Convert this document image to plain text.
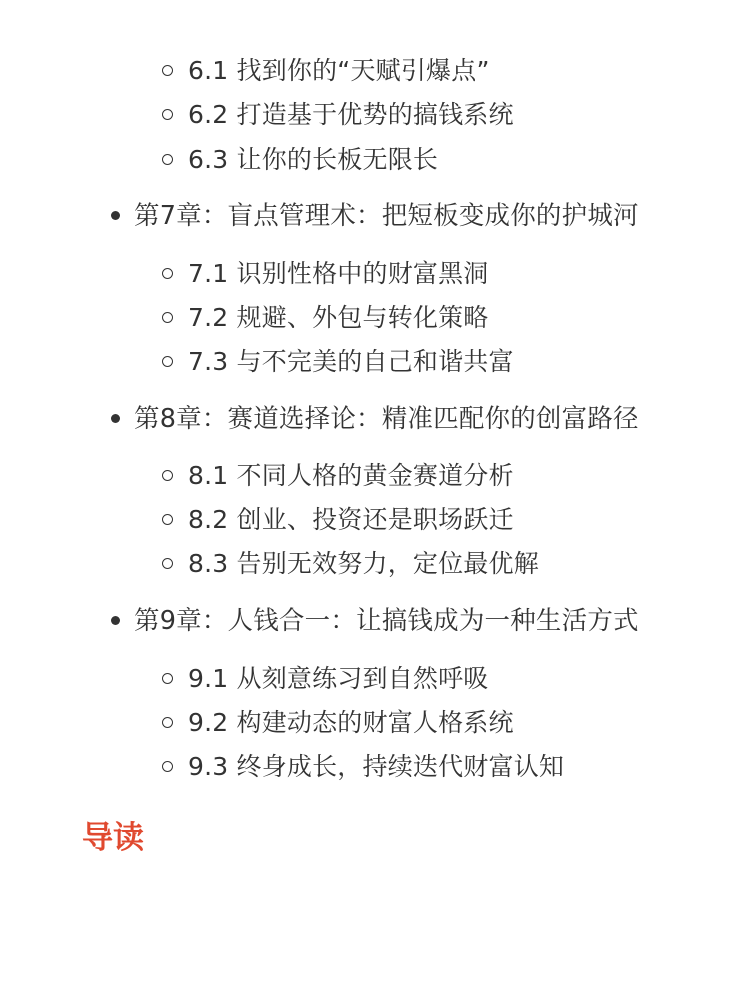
6.1 找到你的“天赋引爆点”
6.2 打造基于优势的搞钱系统
6.3 让你的长板无限长
第7章：盲点管理术：把短板变成你的护城河
7.1 识别性格中的财富黑洞
7.2 规避、外包与转化策略
7.3 与不完美的自己和谐共富
第8章：赛道选择论：精准匹配你的创富路径
8.1 不同人格的黄金赛道分析
8.2 创业、投资还是职场跃迁
8.3 告别无效努力，定位最优解
第9章：人钱合一：让搞钱成为一种生活方式
9.1 从刻意练习到自然呼吸
9.2 构建动态的财富人格系统
9.3 终身成长，持续迭代财富认知
导读
